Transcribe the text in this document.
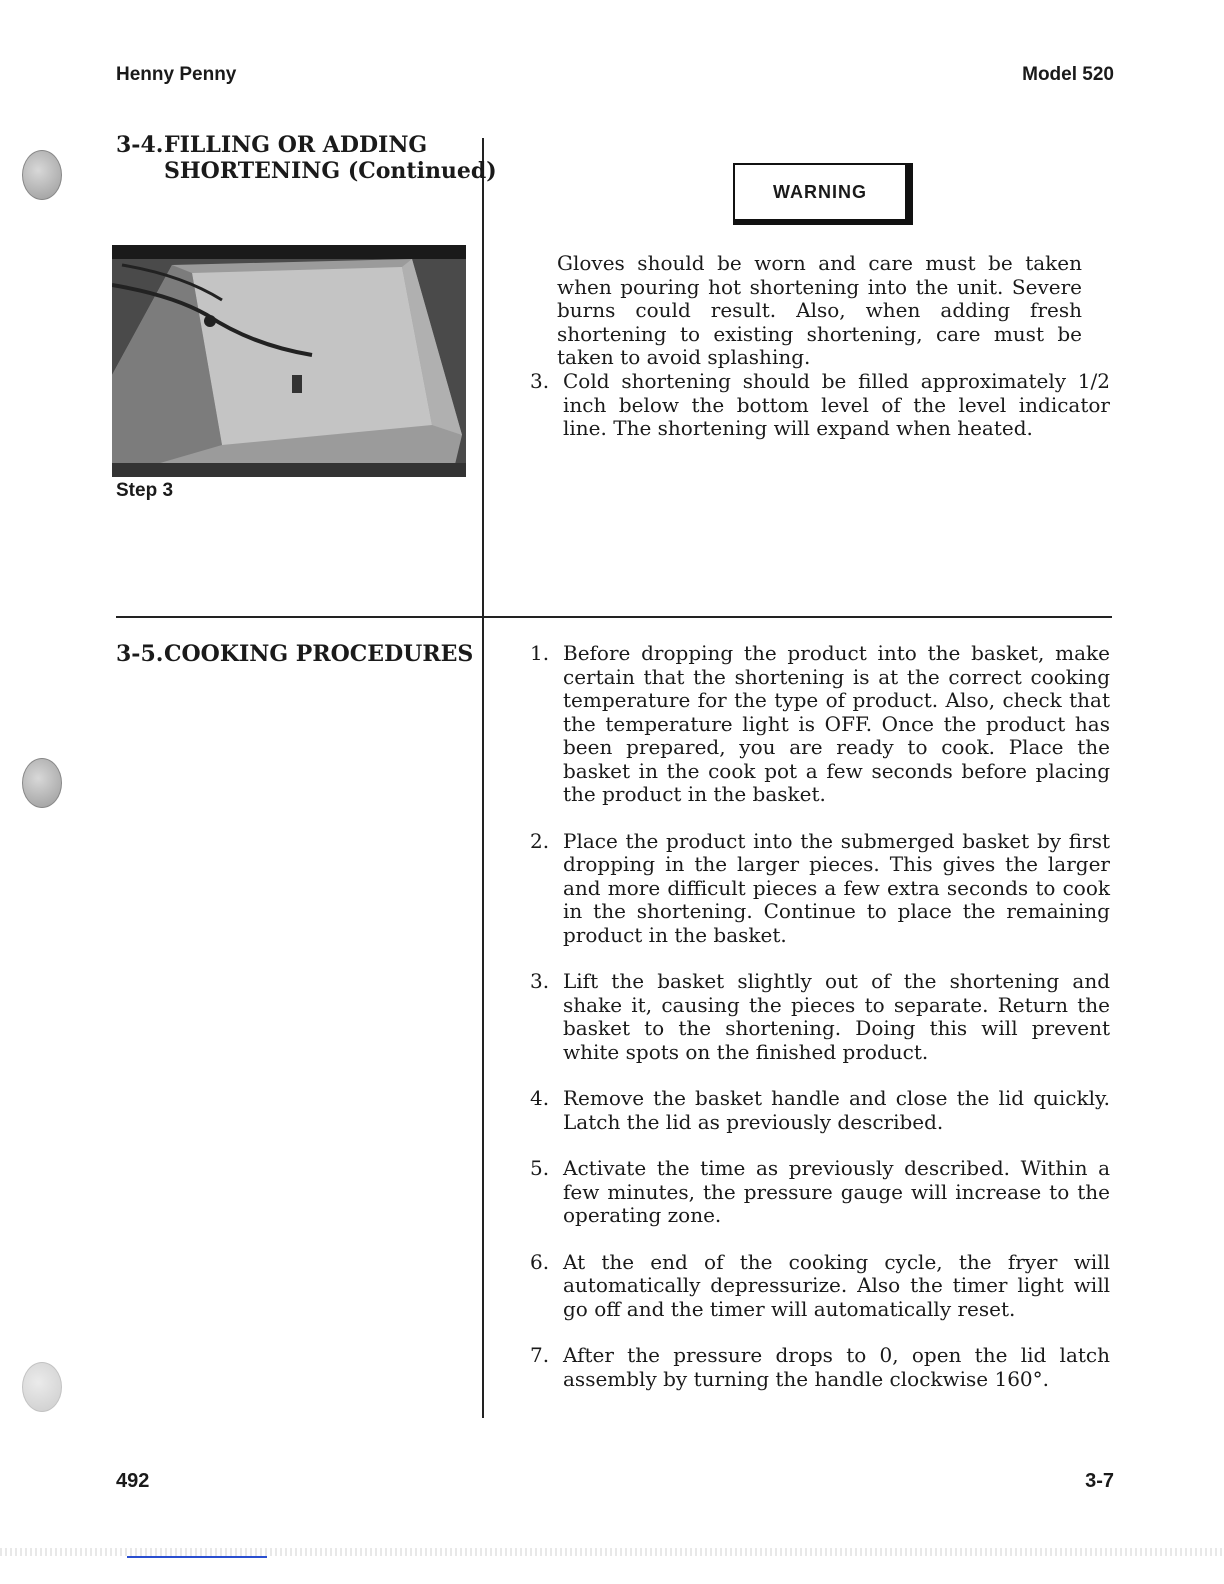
Henny Penny	Model 520
3-4.FILLING OR ADDING
SHORTENING (Continued)
Step 3
WARNING
Gloves should be worn and care must be taken when pouring hot shortening into the unit. Severe burns could result. Also, when adding fresh shortening to existing shortening, care must be taken to avoid splashing.
3. Cold shortening should be filled approximately 1/2 inch below the bottom level of the level indicator line. The shortening will expand when heated.
3-5.COOKING PROCEDURES	1. Before dropping the product into the basket, make certain that the shortening is at the correct cooking temperature for the type of product. Also, check that the temperature light is OFF. Once the product has been prepared, you are ready to cook. Place the basket in the cook pot a few seconds before placing the product in the basket.
2. Place the product into the submerged basket by first dropping in the larger pieces. This gives the larger and more difficult pieces a few extra seconds to cook in the shortening. Continue to place the remaining product in the basket.
3. Lift the basket slightly out of the shortening and shake it, causing the pieces to separate. Return the basket to the shortening. Doing this will prevent white spots on the finished product.
4. Remove the basket handle and close the lid quickly. Latch the lid as previously described.
5. Activate the time as previously described. Within a few minutes, the pressure gauge will increase to the operating zone.
6. At the end of the cooking cycle, the fryer will automatically depressurize. Also the timer light will go off and the timer will automatically reset.
7. After the pressure drops to 0, open the lid latch assembly by turning the handle clockwise 160°.
492	3-7
